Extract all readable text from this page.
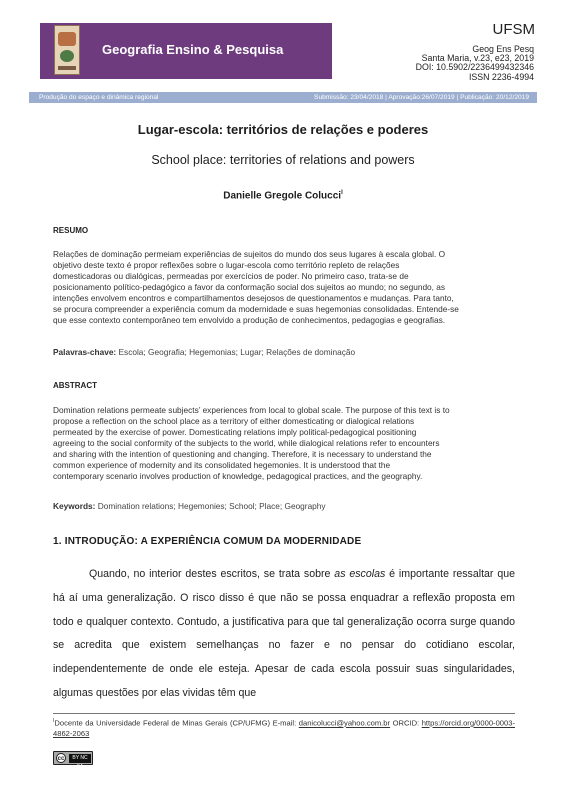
Geografia Ensino & Pesquisa
UFSM
Geog Ens Pesq
Santa Maria, v.23, e23, 2019
DOI: 10.5902/2236499432346
ISSN 2236-4994
Produção do espaço e dinâmica regional	Submissão: 23/04/2018 | Aprovação:26/07/2019 | Publicação: 20/12/2019
Lugar-escola: territórios de relações e poderes
School place: territories of relations and powers
Danielle Gregole Colucci$^I$
RESUMO
Relações de dominação permeiam experiências de sujeitos do mundo dos seus lugares à escala global. O
objetivo deste texto é propor reflexões sobre o lugar-escola como território repleto de relações
domesticadoras ou dialógicas, permeadas por exercícios de poder. No primeiro caso, trata-se de
posicionamento político-pedagógico a favor da conformação social dos sujeitos ao mundo; no segundo, as
intenções envolvem encontros e compartilhamentos desejosos de questionamentos e mudanças. Para tanto,
se procura compreender a experiência comum da modernidade e suas hegemonias consolidadas. Entende-se
que esse contexto contemporâneo tem envolvido a produção de conhecimentos, pedagogias e geografias.
Palavras-chave: Escola; Geografia; Hegemonias; Lugar; Relações de dominação
ABSTRACT
Domination relations permeate subjects’ experiences from local to global scale. The purpose of this text is to
propose a reflection on the school place as a territory of either domesticating or dialogical relations
permeated by the exercise of power. Domesticating relations imply political-pedagogical positioning
agreeing to the social conformity of the subjects to the world, while dialogical relations refer to encounters
and sharing with the intention of questioning and changing. Therefore, it is necessary to understand the
common experience of modernity and its consolidated hegemonies. It is understood that the
contemporary scenario involves production of knowledge, pedagogical practices, and the geography.
Keywords: Domination relations; Hegemonies; School; Place; Geography
1. INTRODUÇÃO: A EXPERIÊNCIA COMUM DA MODERNIDADE
Quando, no interior destes escritos, se trata sobre as escolas é importante ressaltar que há aí uma generalização. O risco disso é que não se possa enquadrar a reflexão proposta em todo e qualquer contexto. Contudo, a justificativa para que tal generalização ocorra surge quando se acredita que existem semelhanças no fazer e no pensar do cotidiano escolar, independentemente de onde ele esteja. Apesar de cada escola possuir suas singularidades, algumas questões por elas vividas têm que
$^I$Docente da Universidade Federal de Minas Gerais (CP/UFMG) E-mail: danicolucci@yahoo.com.br ORCID: https://orcid.org/0000-0003-4862-2063
cc	BY NC SA
